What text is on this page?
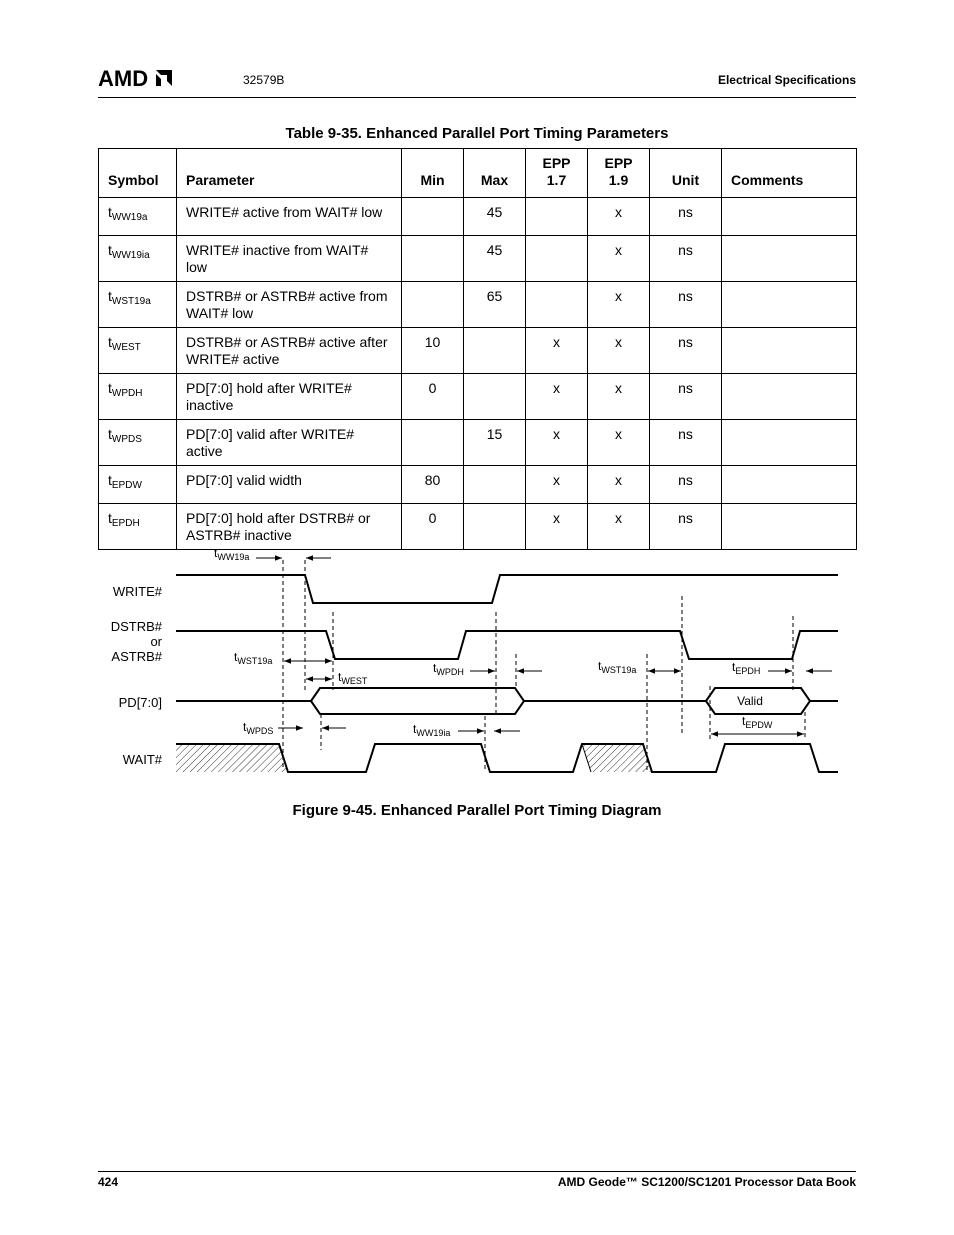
AMD	32579B	Electrical Specifications
Table 9-35. Enhanced Parallel Port Timing Parameters
Symbol	Parameter	Min	Max	EPP 1.7	EPP 1.9	Unit	Comments
$t_{WW19a}$	WRITE# active from WAIT# low		45		x	ns	
$t_{WW19ia}$	WRITE# inactive from WAIT# low		45		x	ns	
$t_{WST19a}$	DSTRB# or ASTRB# active from WAIT# low		65		x	ns	
$t_{WEST}$	DSTRB# or ASTRB# active after WRITE# active	10		x	x	ns	
$t_{WPDH}$	PD[7:0] hold after WRITE# inactive	0		x	x	ns	
$t_{WPDS}$	PD[7:0] valid after WRITE# active		15	x	x	ns	
$t_{EPDW}$	PD[7:0] valid width	80		x	x	ns	
$t_{EPDH}$	PD[7:0] hold after DSTRB# or ASTRB# inactive	0		x	x	ns	
WRITE#
DSTRB#
or
ASTRB#
PD[7:0]
WAIT#
Valid
$t_{WW19a}$
$t_{WST19a}$
$t_{WEST}$
$t_{WPDH}$	$t_{WST19a}$	$t_{EPDH}$
$t_{WPDS}$	$t_{WW19ia}$
$t_{EPDW}$
Figure 9-45. Enhanced Parallel Port Timing Diagram
424	AMD Geode™ SC1200/SC1201 Processor Data Book
